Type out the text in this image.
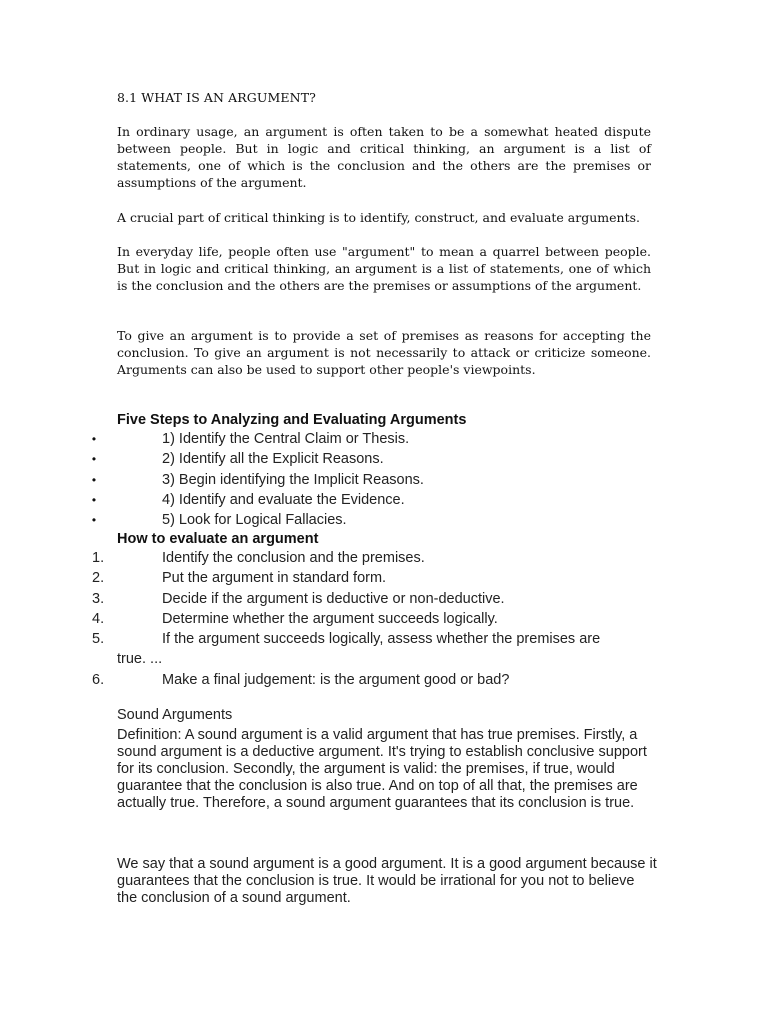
8.1 WHAT IS AN ARGUMENT?

In ordinary usage, an argument is often taken to be a somewhat heated dispute between people. But in logic and critical thinking, an argument is a list of statements, one of which is the conclusion and the others are the premises or assumptions of the argument.

A crucial part of critical thinking is to identify, construct, and evaluate arguments.

In everyday life, people often use "argument" to mean a quarrel between people. But in logic and critical thinking, an argument is a list of statements, one of which is the conclusion and the others are the premises or assumptions of the argument.

To give an argument is to provide a set of premises as reasons for accepting the conclusion. To give an argument is not necessarily to attack or criticize someone. Arguments can also be used to support other people's viewpoints.

Five Steps to Analyzing and Evaluating Arguments
•	1) Identify the Central Claim or Thesis.
•	2) Identify all the Explicit Reasons.
•	3) Begin identifying the Implicit Reasons.
•	4) Identify and evaluate the Evidence.
•	5) Look for Logical Fallacies.
How to evaluate an argument
1.	Identify the conclusion and the premises.
2.	Put the argument in standard form.
3.	Decide if the argument is deductive or non-deductive.
4.	Determine whether the argument succeeds logically.
5.	If the argument succeeds logically, assess whether the premises are
true. ...
6.	Make a final judgement: is the argument good or bad?
Sound Arguments

Definition: A sound argument is a valid argument that has true premises. Firstly, a sound argument is a deductive argument. It's trying to establish conclusive support for its conclusion. Secondly, the argument is valid: the premises, if true, would guarantee that the conclusion is also true. And on top of all that, the premises are actually true. Therefore, a sound argument guarantees that its conclusion is true.

We say that a sound argument is a good argument. It is a good argument because it guarantees that the conclusion is true. It would be irrational for you not to believe the conclusion of a sound argument.
